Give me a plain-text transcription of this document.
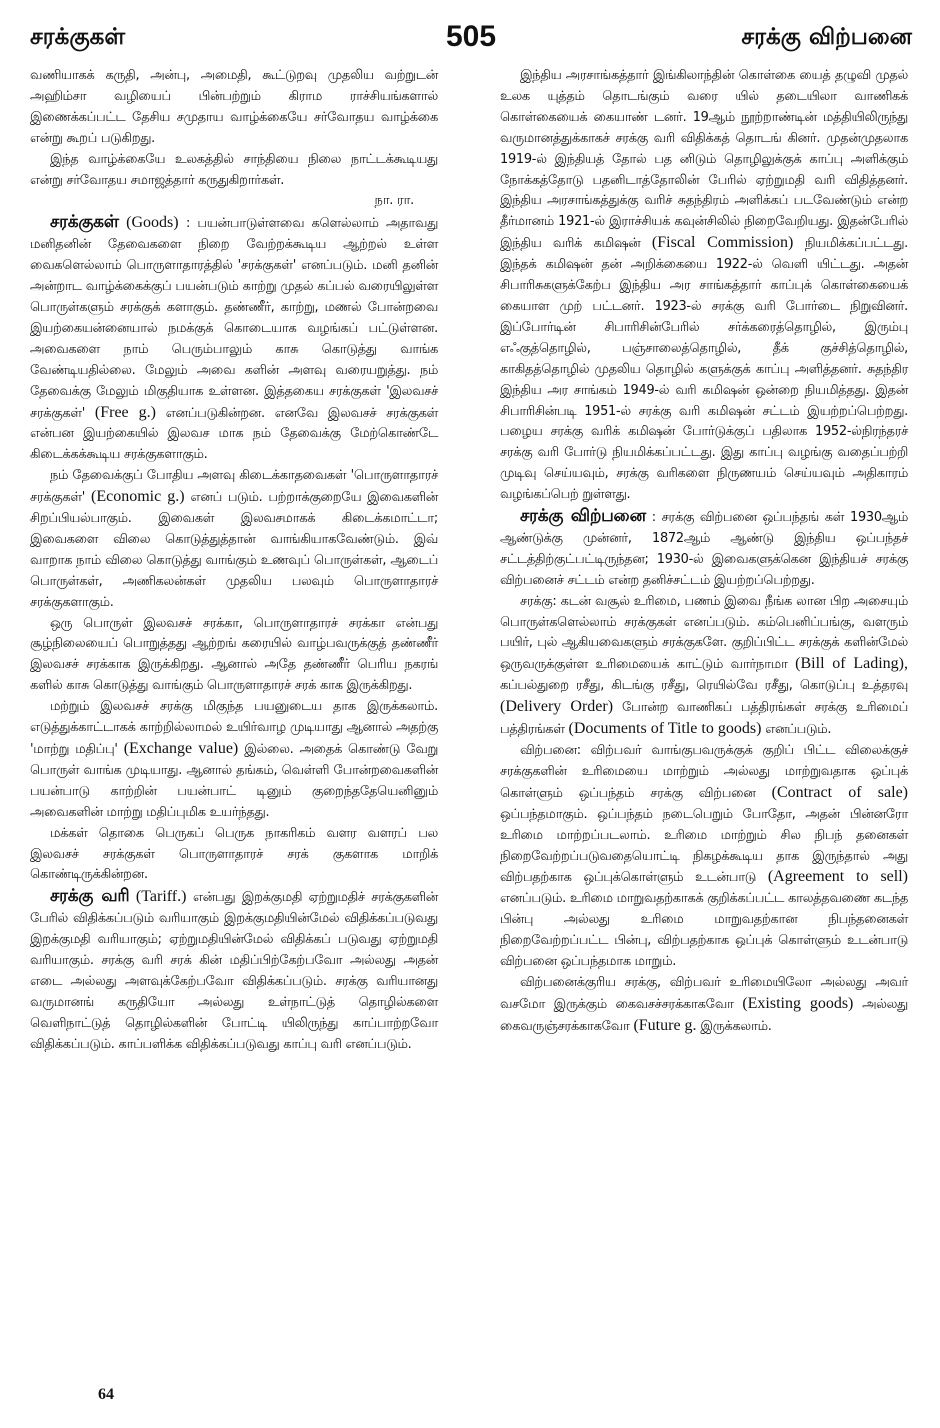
சரக்குகள்	505	சரக்கு விற்பனை

வணியாகக் கருதி, அன்பு, அமைதி, கூட்டுறவு முதலிய வற்றுடன் அஹிம்சா வழியைப் பின்பற்றும் கிராம ராச்சியங்களால் இணைக்கப்பட்ட தேசிய சமுதாய வாழ்க்கையே சர்வோதய வாழ்க்கை என்று கூறப் படுகிறது.

இந்த வாழ்க்கையே உலகத்தில் சாந்தியை நிலை நாட்டக்கூடியது என்று சர்வோதய சமாஜத்தார் கருதுகிறார்கள்.

நா. ரா.

சரக்குகள் (Goods) : பயன்பாடுள்ளவை களெல்லாம் அதாவது மனிதனின் தேவைகளை நிறை வேற்றக்கூடிய ஆற்றல் உள்ள வைகளெல்லாம் பொருளாதாரத்தில் 'சரக்குகள்' எனப்படும். மனி தனின் அன்றாட வாழ்க்கைக்குப் பயன்படும் காற்று முதல் கப்பல் வரையிலுள்ள பொருள்களும் சரக்குக் களாகும். தண்ணீர், காற்று, மணல் போன்றவை இயற்கையன்னையால் நமக்குக் கொடையாக வழங்கப் பட்டுள்ளன. அவைகளை நாம் பெரும்பாலும் காசு கொடுத்து வாங்க வேண்டியதில்லை. மேலும் அவை களின் அளவு வரையறுத்து. நம் தேவைக்கு மேலும் மிகுதியாக உள்ளன. இத்தகைய சரக்குகள் 'இலவசச் சரக்குகள்' (Free g.) எனப்படுகின்றன. எனவே இலவசச் சரக்குகள் என்பன இயற்கையில் இலவச மாக நம் தேவைக்கு மேற்கொண்டே கிடைக்கக்கூடிய சரக்குகளாகும்.

நம் தேவைக்குப் போதிய அளவு கிடைக்காதவைகள் 'பொருளாதாரச் சரக்குகள்' (Economic g.) எனப் படும். பற்றாக்குறையே இவைகளின் சிறப்பியல்பாகும். இவைகள் இலவசமாகக் கிடைக்கமாட்டா; இவைகளை விலை கொடுத்துத்தான் வாங்கியாகவேண்டும். இவ் வாறாக நாம் விலை கொடுத்து வாங்கும் உணவுப் பொருள்கள், ஆடைப் பொருள்கள், அணிகலன்கள் முதலிய பலவும் பொருளாதாரச் சரக்குகளாகும்.

ஒரு பொருள் இலவசச் சரக்கா, பொருளாதாரச் சரக்கா என்பது சூழ்நிலையைப் பொறுத்தது ஆற்றங் கரையில் வாழ்பவருக்குத் தண்ணீர் இலவசச் சரக்காக இருக்கிறது. ஆனால் அதே தண்ணீர் பெரிய நகரங் களில் காசு கொடுத்து வாங்கும் பொருளாதாரச் சரக் காக இருக்கிறது.

மற்றும் இலவசச் சரக்கு மிகுந்த பயனுடைய தாக இருக்கலாம். எடுத்துக்காட்டாகக் காற்றில்லாமல் உயிர்வாழ முடியாது ஆனால் அதற்கு 'மாற்று மதிப்பு' (Exchange value) இல்லை. அதைக் கொண்டு வேறு பொருள் வாங்க முடியாது. ஆனால் தங்கம், வெள்ளி போன்றவைகளின் பயன்பாடு காற்றின் பயன்பாட் டினும் குறைந்ததேயெனினும் அவைகளின் மாற்று மதிப்புமிக உயர்ந்தது.

மக்கள் தொகை பெருகப் பெருக நாகரிகம் வளர வளரப் பல இலவசச் சரக்குகள் பொருளாதாரச் சரக் குகளாக மாறிக் கொண்டிருக்கின்றன.

சரக்கு வரி (Tariff.) என்பது இறக்குமதி ஏற்றுமதிச் சரக்குகளின் பேரில் விதிக்கப்படும் வரியாகும் இறக்குமதியின்மேல் விதிக்கப்படுவது இறக்குமதி வரியாகும்; ஏற்றுமதியின்மேல் விதிக்கப் படுவது ஏற்றுமதி வரியாகும். சரக்கு வரி சரக் கின் மதிப்பிற்கேற்பவோ அல்லது அதன் எடை அல்லது அளவுக்கேற்பவோ விதிக்கப்படும். சரக்கு வரியானது வருமானங் கருதியோ அல்லது உள்நாட்டுத் தொழில்களை வெளிநாட்டுத் தொழில்களின் போட்டி யிலிருந்து காப்பாற்றவோ விதிக்கப்படும். காப்பளிக்க விதிக்கப்படுவது காப்பு வரி எனப்படும்.

இந்திய அரசாங்கத்தார் இங்கிலாந்தின் கொள்கை யைத் தழுவி முதல் உலக யுத்தம் தொடங்கும் வரை யில் தடையிலா வாணிகக் கொள்கையைக் கையாண் டனர். 19ஆம் நூற்றாண்டின் மத்தியிலிருந்து வருமானத்துக்காகச் சரக்கு வரி விதிக்கத் தொடங் கினர். முதன்முதலாக 1919-ல் இந்தியத் தோல் பத னிடும் தொழிலுக்குக் காப்பு அளிக்கும் நோக்கத்தோடு பதனிடாத்தோலின் பேரில் ஏற்றுமதி வரி விதித்தனர். இந்திய அரசாங்கத்துக்கு வரிச் சுதந்திரம் அளிக்கப் படவேண்டும் என்ற தீர்மானம் 1921-ல் இராச்சியக் கவுன்சிலில் நிறைவேறியது. இதன்பேரில் இந்திய வரிக் கமிஷன் (Fiscal Commission) நியமிக்கப்பட்டது. இந்தக் கமிஷன் தன் அறிக்கையை 1922-ல் வெளி யிட்டது. அதன் சிபாரிசுகளுக்கேற்ப இந்திய அர சாங்கத்தார் காப்புக் கொள்கையைக் கையாள முற் பட்டனர். 1923-ல் சரக்கு வரி போர்டை நிறுவினர். இப்போர்டின் சிபாரிசின்பேரில் சர்க்கரைத்தொழில், இரும்பு எஃகுத்தொழில், பஞ்சாலைத்தொழில், தீக் குச்சித்தொழில், காகிதத்தொழில் முதலிய தொழில் களுக்குக் காப்பு அளித்தனர். சுதந்திர இந்திய அர சாங்கம் 1949-ல் வரி கமிஷன் ஒன்றை நியமித்தது. இதன் சிபாரிசின்படி 1951-ல் சரக்கு வரி கமிஷன் சட்டம் இயற்றப்பெற்றது. பழைய சரக்கு வரிக் கமிஷன் போர்டுக்குப் பதிலாக 1952-ல்நிரந்தரச் சரக்கு வரி போர்டு நியமிக்கப்பட்டது. இது காப்பு வழங்கு வதைப்பற்றி முடிவு செய்யவும், சரக்கு வரிகளை நிருணயம் செய்யவும் அதிகாரம் வழங்கப்பெற் றுள்ளது.

சரக்கு விற்பனை : சரக்கு விற்பனை ஒப்பந்தங் கள் 1930ஆம் ஆண்டுக்கு முன்னர், 1872ஆம் ஆண்டு இந்திய ஒப்பந்தச் சட்டத்திற்குட்பட்டிருந்தன; 1930-ல் இவைகளுக்கென இந்தியச் சரக்கு விற்பனைச் சட்டம் என்ற தனிச்சட்டம் இயற்றப்பெற்றது.

சரக்கு: கடன் வசூல் உரிமை, பணம் இவை நீங்க லான பிற அசையும் பொருள்களெல்லாம் சரக்குகள் எனப்படும். கம்பெனிப்பங்கு, வளரும் பயிர், புல் ஆகியவைகளும் சரக்குகளே. குறிப்பிட்ட சரக்குக் களின்மேல் ஒருவருக்குள்ள உரிமையைக் காட்டும் வார்நாமா (Bill of Lading), கப்பல்துறை ரசீது, கிடங்கு ரசீது, ரெயில்வே ரசீது, கொடுப்பு உத்தரவு (Delivery Order) போன்ற வாணிகப் பத்திரங்கள் சரக்கு உரிமைப் பத்திரங்கள் (Documents of Title to goods) எனப்படும்.

விற்பனை: விற்பவர் வாங்குபவருக்குக் குறிப் பிட்ட விலைக்குச் சரக்குகளின் உரிமையை மாற்றும் அல்லது மாற்றுவதாக ஒப்புக் கொள்ளும் ஒப்பந்தம் சரக்கு விற்பனை (Contract of sale) ஒப்பந்தமாகும். ஒப்பந்தம் நடைபெறும் போதோ, அதன் பின்னரோ உரிமை மாற்றப்படலாம். உரிமை மாற்றும் சில நிபந் தனைகள் நிறைவேற்றப்படுவதையொட்டி நிகழக்கூடிய தாக இருந்தால் அது விற்பதற்காக ஒப்புக்கொள்ளும் உடன்பாடு (Agreement to sell) எனப்படும். உரிமை மாறுவதற்காகக் குறிக்கப்பட்ட காலத்தவணை கடந்த பின்பு அல்லது உரிமை மாறுவதற்கான நிபந்தனைகள் நிறைவேற்றப்பட்ட பின்பு, விற்பதற்காக ஒப்புக் கொள்ளும் உடன்பாடு விற்பனை ஒப்பந்தமாக மாறும்.

விற்பனைக்குரிய சரக்கு, விற்பவர் உரிமையிலோ அல்லது அவர் வசமோ இருக்கும் கைவசச்சரக்காகவோ (Existing goods) அல்லது கைவருஞ்சரக்காகவோ (Future g. இருக்கலாம்.

64
